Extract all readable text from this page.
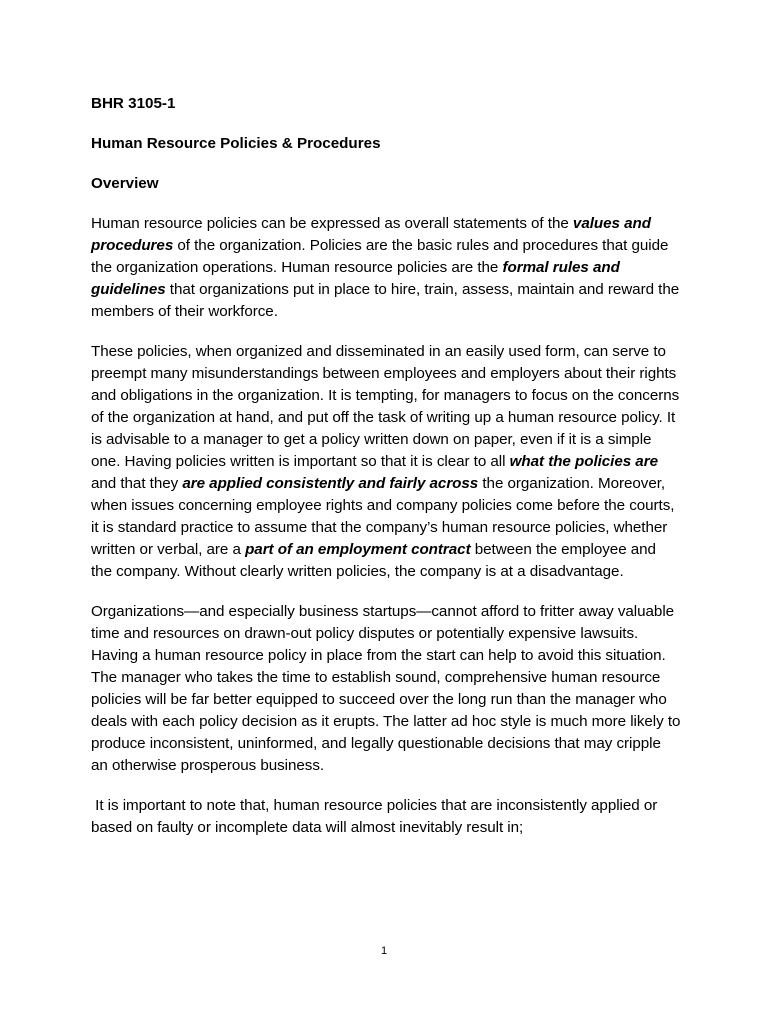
BHR 3105-1
Human Resource Policies & Procedures
Overview

Human resource policies can be expressed as overall statements of the values and procedures of the organization. Policies are the basic rules and procedures that guide the organization operations. Human resource policies are the formal rules and guidelines that organizations put in place to hire, train, assess, maintain and reward the members of their workforce.

These policies, when organized and disseminated in an easily used form, can serve to preempt many misunderstandings between employees and employers about their rights and obligations in the organization. It is tempting, for managers to focus on the concerns of the organization at hand, and put off the task of writing up a human resource policy. It is advisable to a manager to get a policy written down on paper, even if it is a simple one. Having policies written is important so that it is clear to all what the policies are and that they are applied consistently and fairly across the organization. Moreover, when issues concerning employee rights and company policies come before the courts, it is standard practice to assume that the company’s human resource policies, whether written or verbal, are a part of an employment contract between the employee and the company. Without clearly written policies, the company is at a disadvantage.

Organizations—and especially business startups—cannot afford to fritter away valuable time and resources on drawn-out policy disputes or potentially expensive lawsuits. Having a human resource policy in place from the start can help to avoid this situation. The manager who takes the time to establish sound, comprehensive human resource policies will be far better equipped to succeed over the long run than the manager who deals with each policy decision as it erupts. The latter ad hoc style is much more likely to produce inconsistent, uninformed, and legally questionable decisions that may cripple an otherwise prosperous business.

It is important to note that, human resource policies that are inconsistently applied or based on faulty or incomplete data will almost inevitably result in;

1
